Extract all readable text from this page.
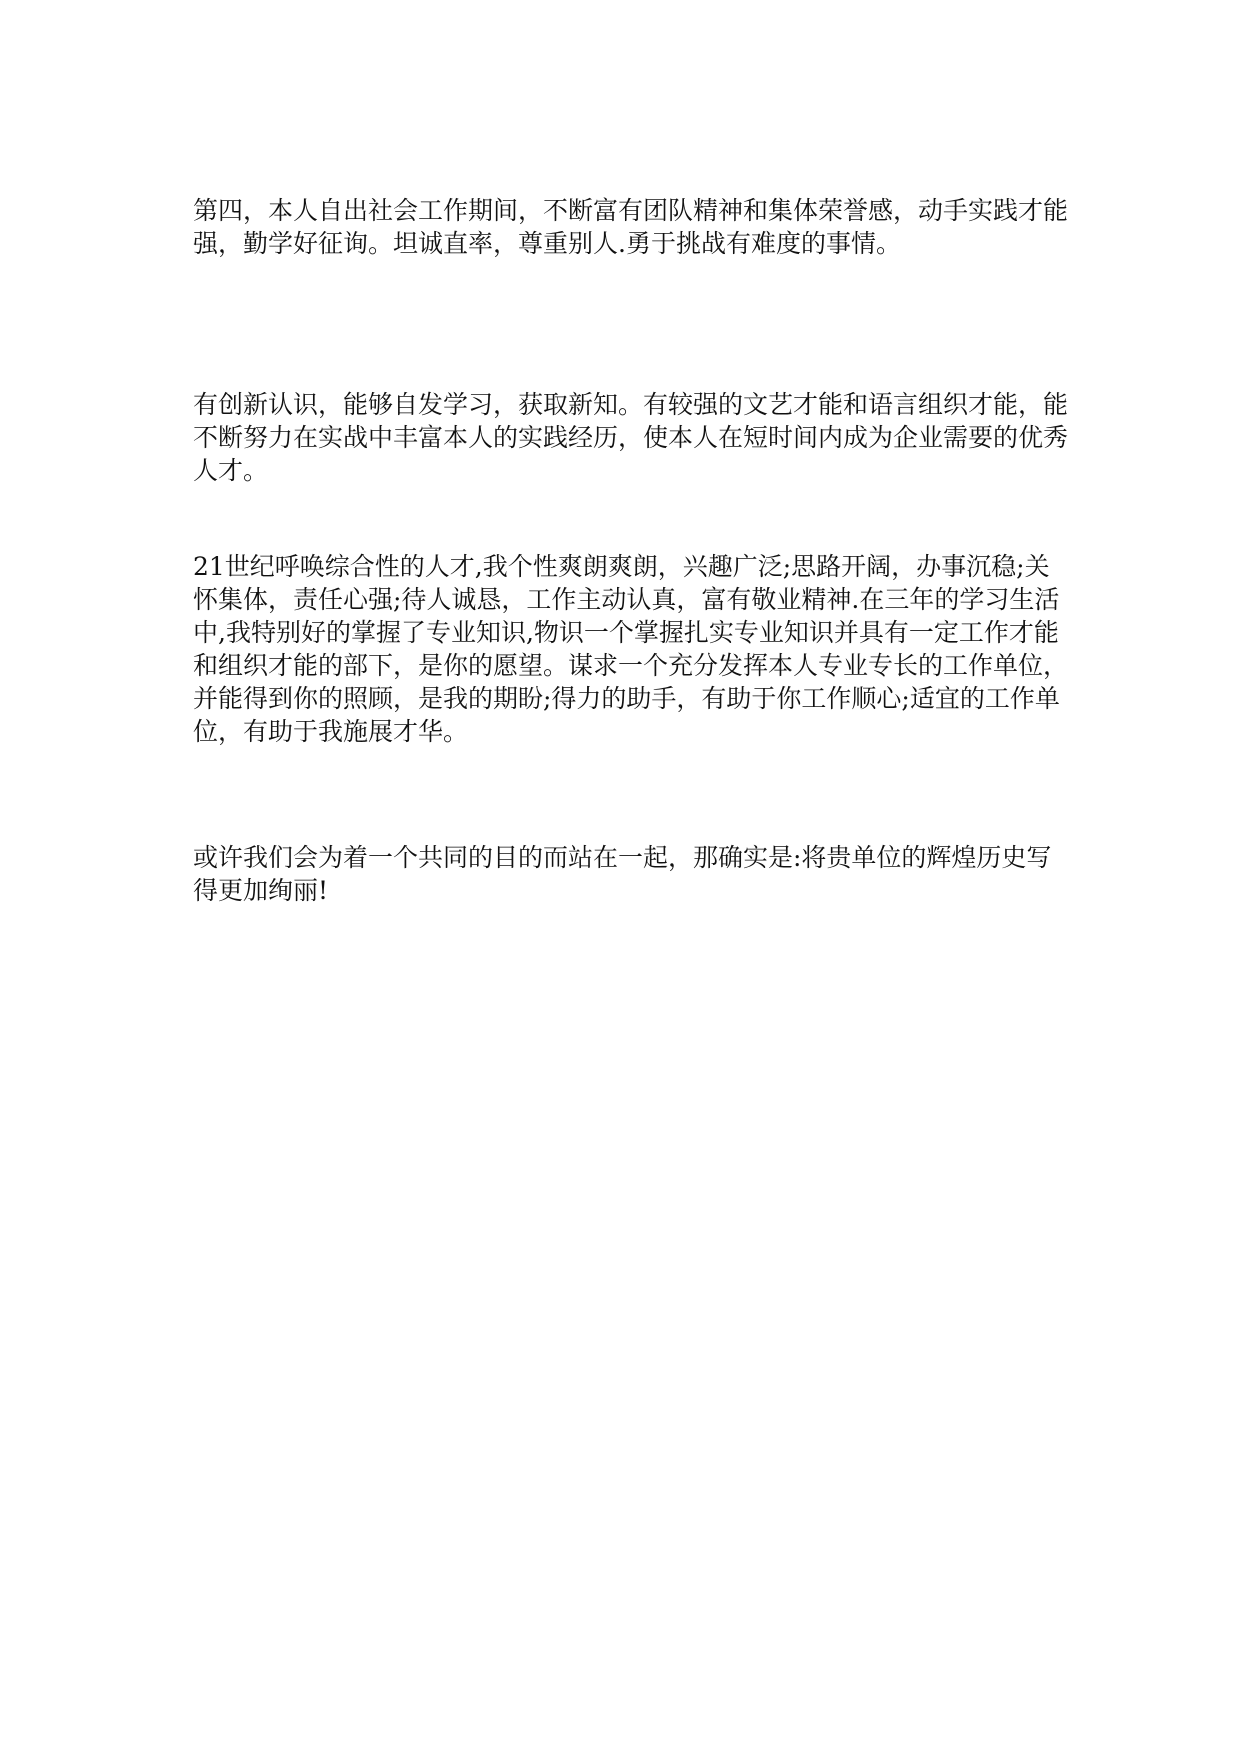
第四，本人自出社会工作期间，不断富有团队精神和集体荣誉感，动手实践才能强，勤学好征询。坦诚直率，尊重别人.勇于挑战有难度的事情。

有创新认识，能够自发学习，获取新知。有较强的文艺才能和语言组织才能，能不断努力在实战中丰富本人的实践经历，使本人在短时间内成为企业需要的优秀人才。

21世纪呼唤综合性的人才,我个性爽朗爽朗，兴趣广泛;思路开阔，办事沉稳;关怀集体，责任心强;待人诚恳，工作主动认真，富有敬业精神.在三年的学习生活中,我特别好的掌握了专业知识,物识一个掌握扎实专业知识并具有一定工作才能和组织才能的部下，是你的愿望。谋求一个充分发挥本人专业专长的工作单位，并能得到你的照顾，是我的期盼;得力的助手，有助于你工作顺心;适宜的工作单位，有助于我施展才华。

或许我们会为着一个共同的目的而站在一起，那确实是:将贵单位的辉煌历史写得更加绚丽!
